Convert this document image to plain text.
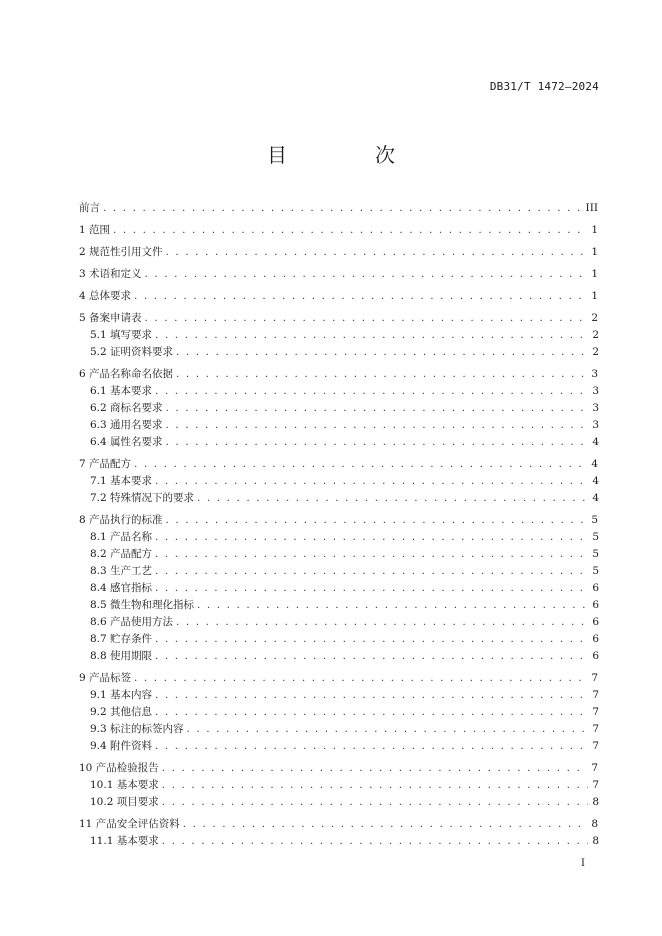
DB31/T 1472—2024
目　次
前言 . . .	III
1 范围 . . .	1
2 规范性引用文件 . . .	1
3 术语和定义 . . .	1
4 总体要求 . . .	1
5 备案申请表 . . .	2
5.1 填写要求 . . .	2
5.2 证明资料要求 . . .	2
6 产品名称命名依据 . . .	3
6.1 基本要求 . . .	3
6.2 商标名要求 . . .	3
6.3 通用名要求 . . .	3
6.4 属性名要求 . . .	4
7 产品配方 . . .	4
7.1 基本要求 . . .	4
7.2 特殊情况下的要求 . . .	4
8 产品执行的标准 . . .	5
8.1 产品名称 . . .	5
8.2 产品配方 . . .	5
8.3 生产工艺 . . .	5
8.4 感官指标 . . .	6
8.5 微生物和理化指标 . . .	6
8.6 产品使用方法 . . .	6
8.7 贮存条件 . . .	6
8.8 使用期限 . . .	6
9 产品标签 . . .	7
9.1 基本内容 . . .	7
9.2 其他信息 . . .	7
9.3 标注的标签内容 . . .	7
9.4 附件资料 . . .	7
10 产品检验报告 . . .	7
10.1 基本要求 . . .	7
10.2 项目要求 . . .	8
11 产品安全评估资料 . . .	8
11.1 基本要求 . . .	8
I
